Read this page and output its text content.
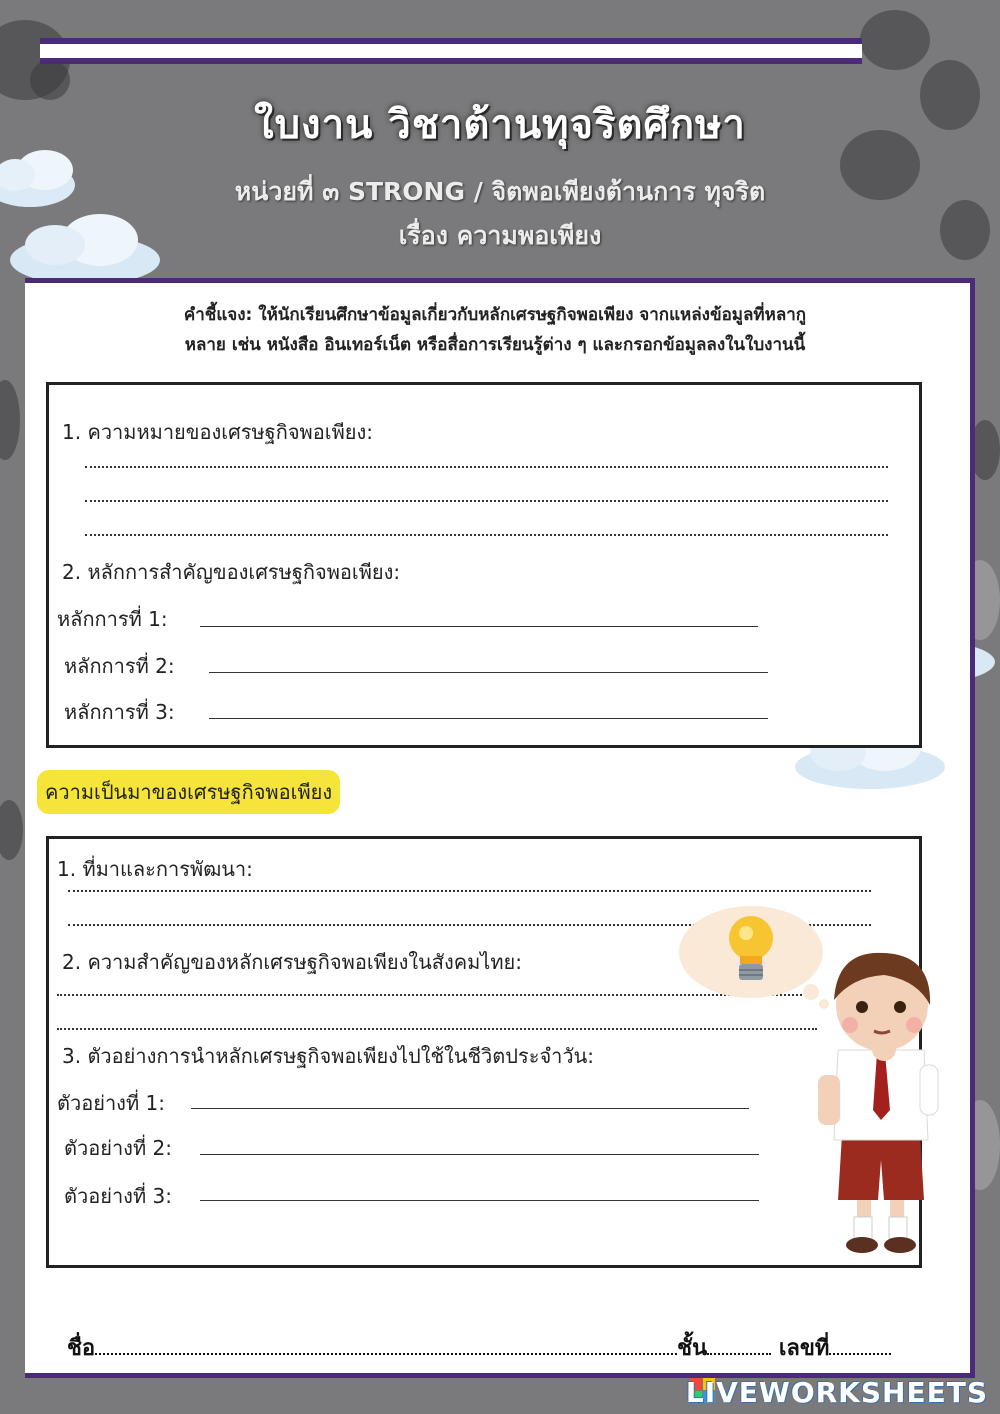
ใบงาน วิชาต้านทุจริตศึกษา
หน่วยที่ ๓ STRONG / จิตพอเพียงต้านการ ทุจริต
เรื่อง ความพอเพียง
คำชี้แจง: ให้นักเรียนศึกษาข้อมูลเกี่ยวกับหลักเศรษฐกิจพอเพียง จากแหล่งข้อมูลที่หลากู
หลาย เช่น หนังสือ อินเทอร์เน็ต หรือสื่อการเรียนรู้ต่าง ๆ และกรอกข้อมูลลงในใบงานนี้
1. ความหมายของเศรษฐกิจพอเพียง:
2. หลักการสำคัญของเศรษฐกิจพอเพียง:
หลักการที่ 1:
หลักการที่ 2:
หลักการที่ 3:
ความเป็นมาของเศรษฐกิจพอเพียง
1. ที่มาและการพัฒนา:
2. ความสำคัญของหลักเศรษฐกิจพอเพียงในสังคมไทย:
3. ตัวอย่างการนำหลักเศรษฐกิจพอเพียงไปใช้ในชีวิตประจำวัน:
ตัวอย่างที่ 1:
ตัวอย่างที่ 2:
ตัวอย่างที่ 3:
ชื่อ	ชั้น	เลขที่
LIVEWORKSHEETS
